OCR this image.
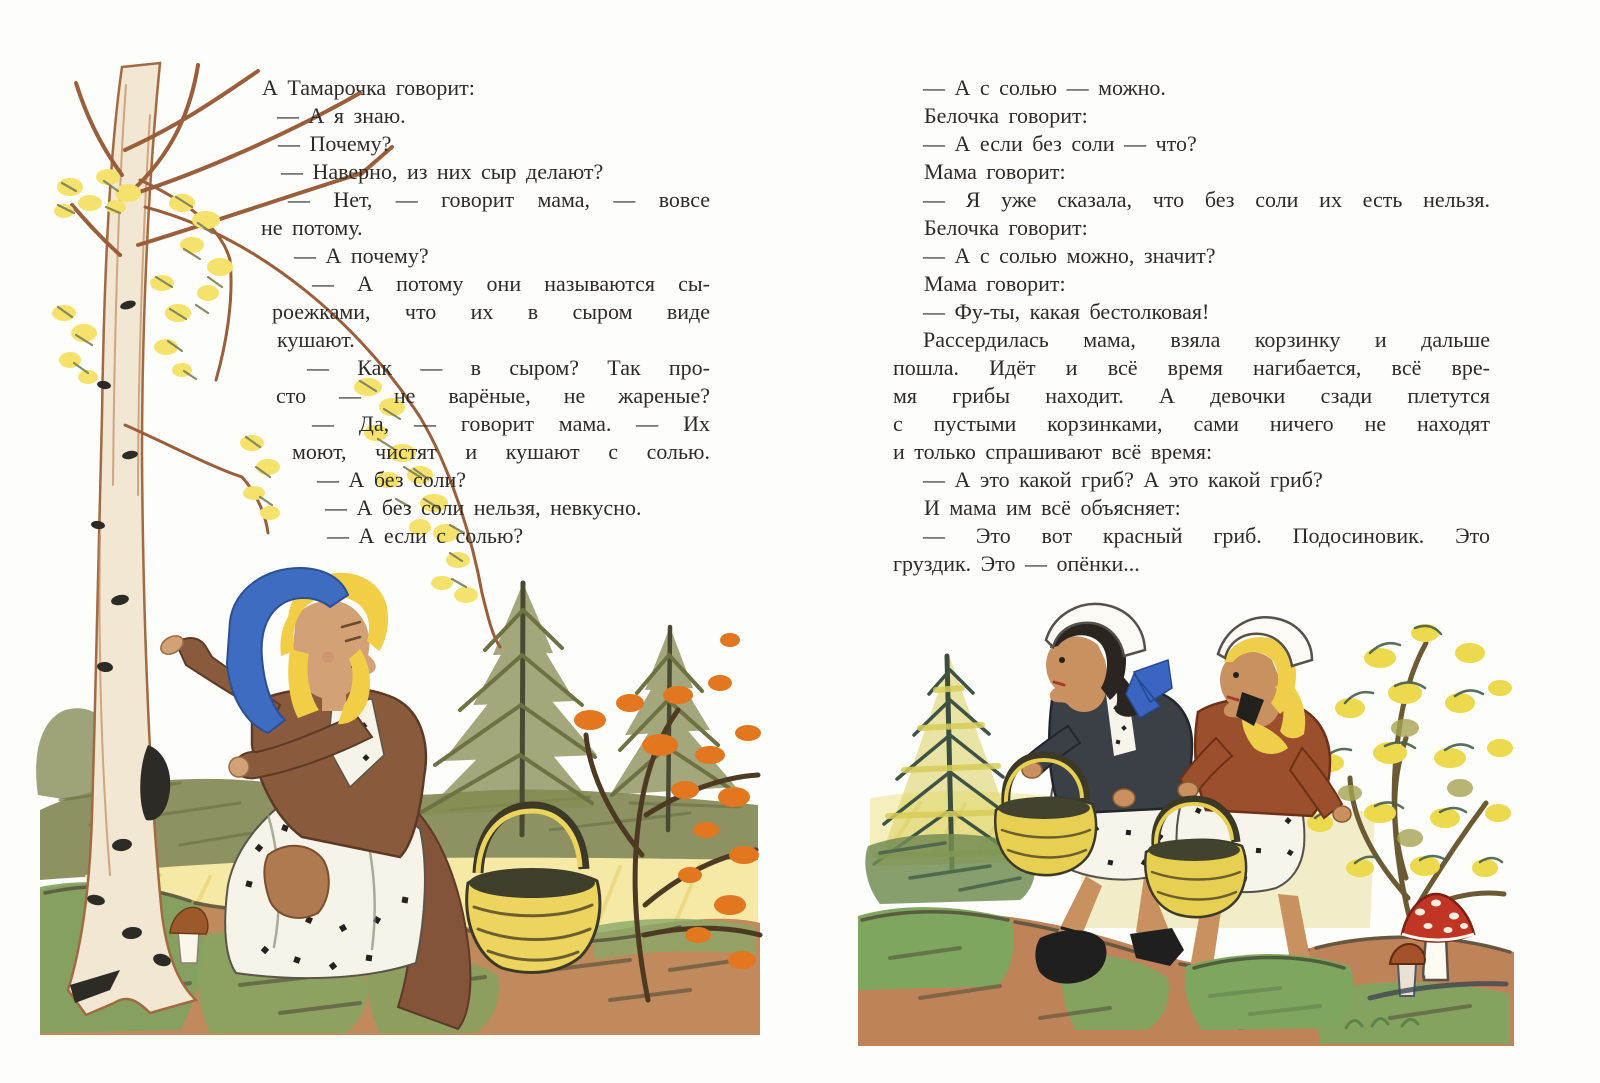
А Тамарочка говорит:
— А я знаю.
— Почему?
— Наверно, из них сыр делают?
— Нет, — говорит мама, — вовсе
не потому.
— А почему?
— А потому они называются сы-
роежками, что их в сыром виде
кушают.
— Как — в сыром? Так про-
сто — не варёные, не жареные?
— Да, — говорит мама. — Их
моют, чистят и кушают с солью.
— А без соли?
— А без соли нельзя, невкусно.
— А если с солью?
— А с солью — можно.
Белочка говорит:
— А если без соли — что?
Мама говорит:
— Я уже сказала, что без соли их есть нельзя.
Белочка говорит:
— А с солью можно, значит?
Мама говорит:
— Фу-ты, какая бестолковая!
Рассердилась мама, взяла корзинку и дальше
пошла. Идёт и всё время нагибается, всё вре-
мя грибы находит. А девочки сзади плетутся
с пустыми корзинками, сами ничего не находят
и только спрашивают всё время:
— А это какой гриб? А это какой гриб?
И мама им всё объясняет:
— Это вот красный гриб. Подосиновик. Это
груздик. Это — опёнки...
